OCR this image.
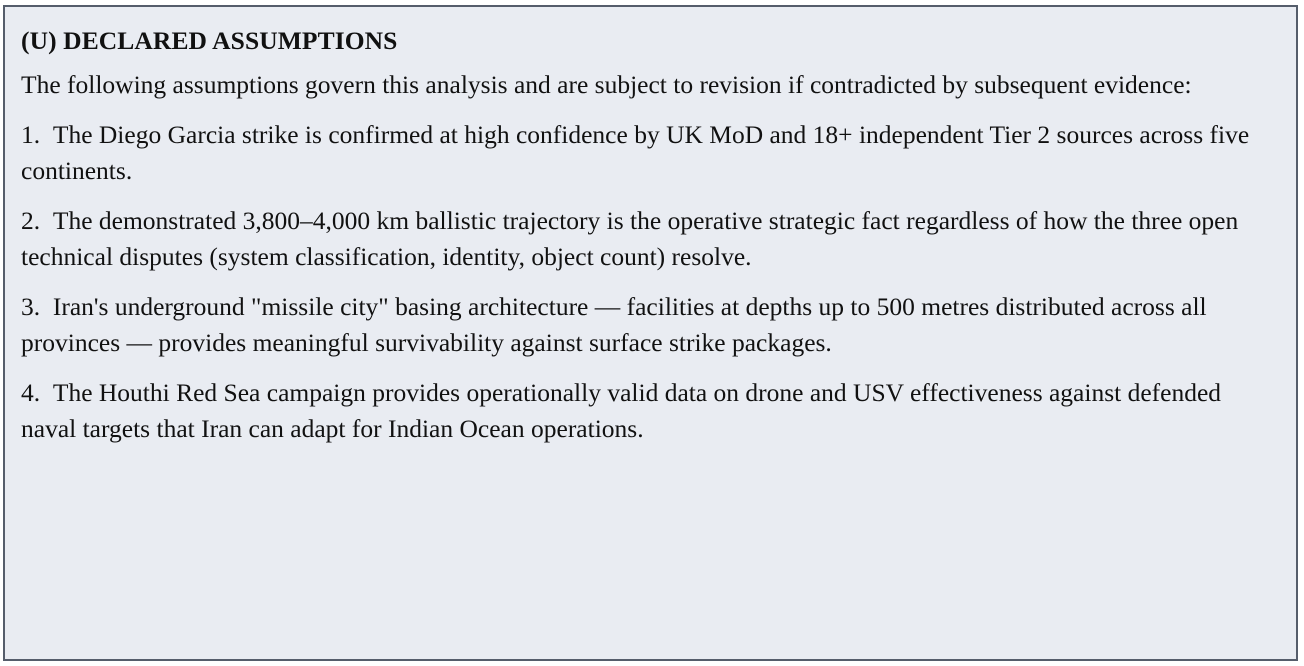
(U) DECLARED ASSUMPTIONS
The following assumptions govern this analysis and are subject to revision if contradicted by subsequent evidence:
1. The Diego Garcia strike is confirmed at high confidence by UK MoD and 18+ independent Tier 2 sources across five continents.
2. The demonstrated 3,800–4,000 km ballistic trajectory is the operative strategic fact regardless of how the three open technical disputes (system classification, identity, object count) resolve.
3. Iran's underground "missile city" basing architecture — facilities at depths up to 500 metres distributed across all provinces — provides meaningful survivability against surface strike packages.
4. The Houthi Red Sea campaign provides operationally valid data on drone and USV effectiveness against defended naval targets that Iran can adapt for Indian Ocean operations.
